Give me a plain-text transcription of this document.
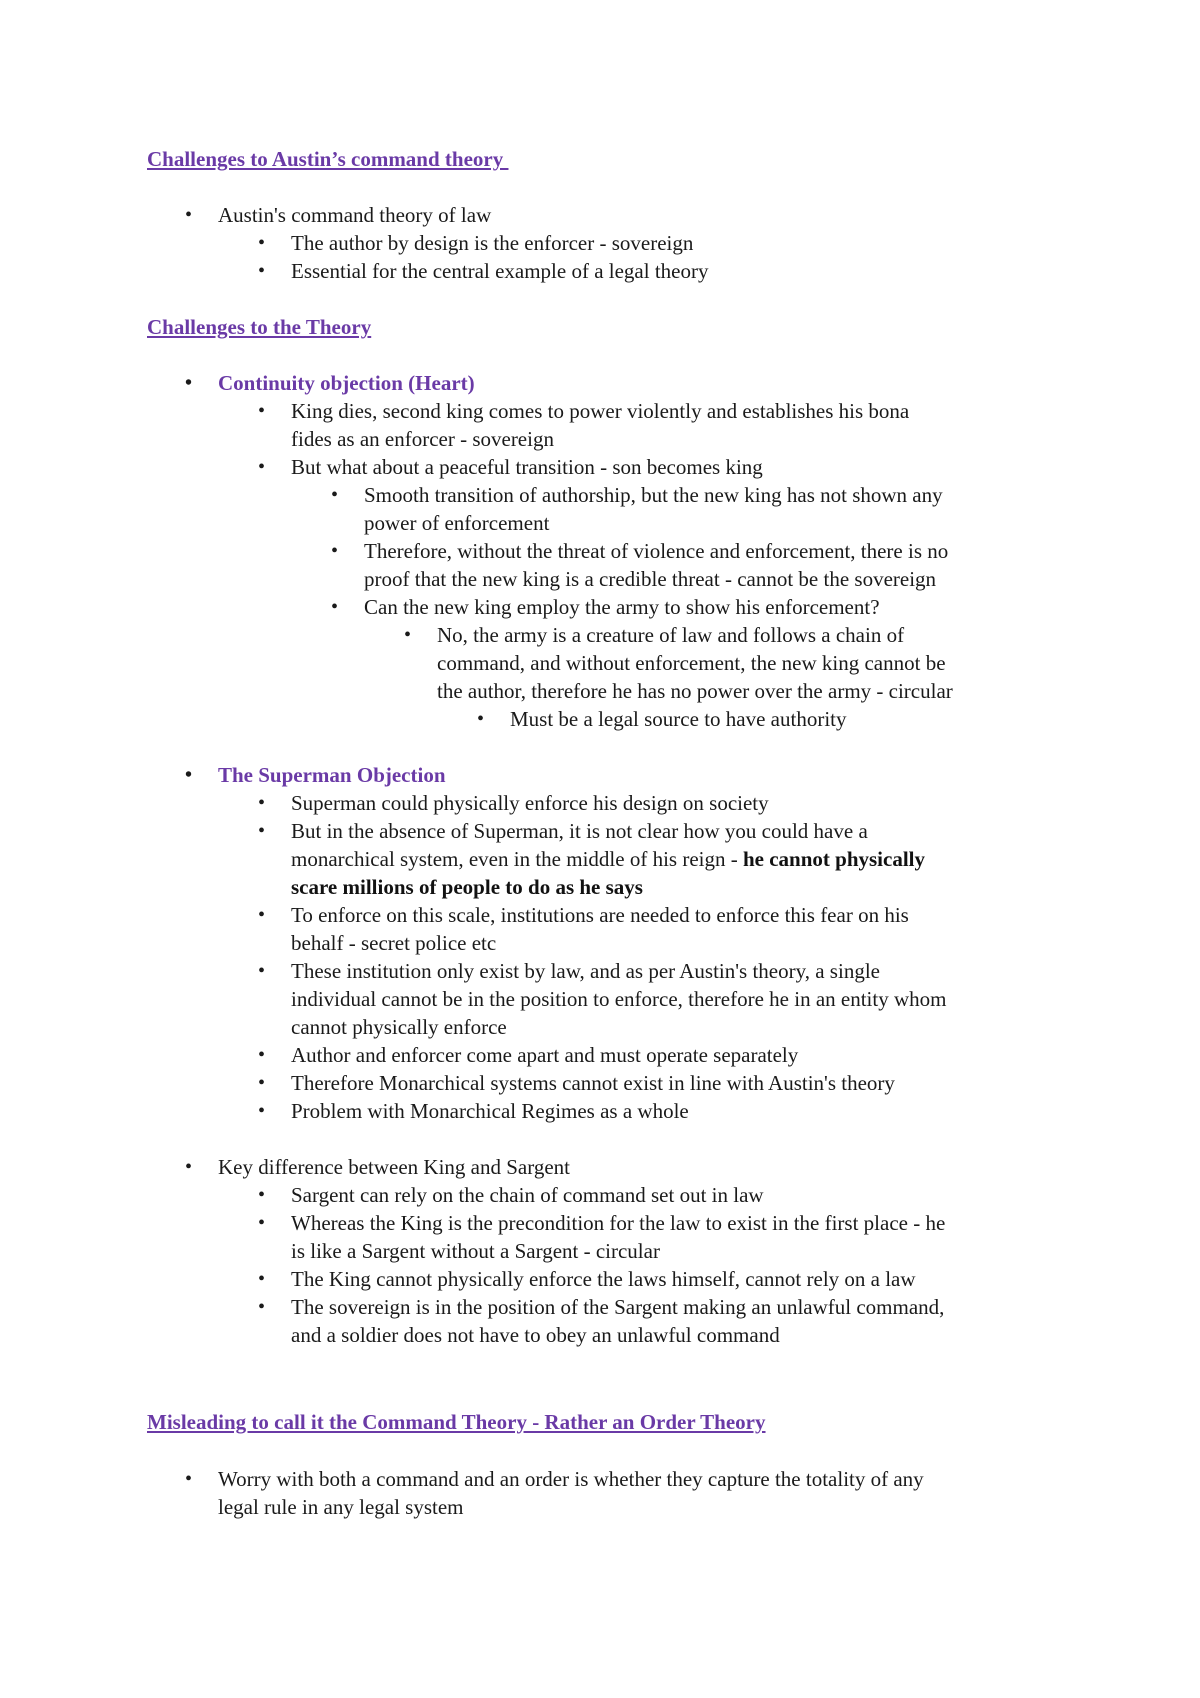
Challenges to Austin’s command theory
• Austin's command theory of law
• The author by design is the enforcer - sovereign
• Essential for the central example of a legal theory
Challenges to the Theory
• Continuity objection (Heart)
• King dies, second king comes to power violently and establishes his bona
fides as an enforcer - sovereign
• But what about a peaceful transition - son becomes king
• Smooth transition of authorship, but the new king has not shown any
power of enforcement
• Therefore, without the threat of violence and enforcement, there is no
proof that the new king is a credible threat - cannot be the sovereign
• Can the new king employ the army to show his enforcement?
• No, the army is a creature of law and follows a chain of
command, and without enforcement, the new king cannot be
the author, therefore he has no power over the army - circular
• Must be a legal source to have authority
• The Superman Objection
• Superman could physically enforce his design on society
• But in the absence of Superman, it is not clear how you could have a
monarchical system, even in the middle of his reign - he cannot physically
scare millions of people to do as he says
• To enforce on this scale, institutions are needed to enforce this fear on his
behalf - secret police etc
• These institution only exist by law, and as per Austin's theory, a single
individual cannot be in the position to enforce, therefore he in an entity whom
cannot physically enforce
• Author and enforcer come apart and must operate separately
• Therefore Monarchical systems cannot exist in line with Austin's theory
• Problem with Monarchical Regimes as a whole
• Key difference between King and Sargent
• Sargent can rely on the chain of command set out in law
• Whereas the King is the precondition for the law to exist in the first place - he
is like a Sargent without a Sargent - circular
• The King cannot physically enforce the laws himself, cannot rely on a law
• The sovereign is in the position of the Sargent making an unlawful command,
and a soldier does not have to obey an unlawful command
Misleading to call it the Command Theory - Rather an Order Theory
• Worry with both a command and an order is whether they capture the totality of any
legal rule in any legal system
